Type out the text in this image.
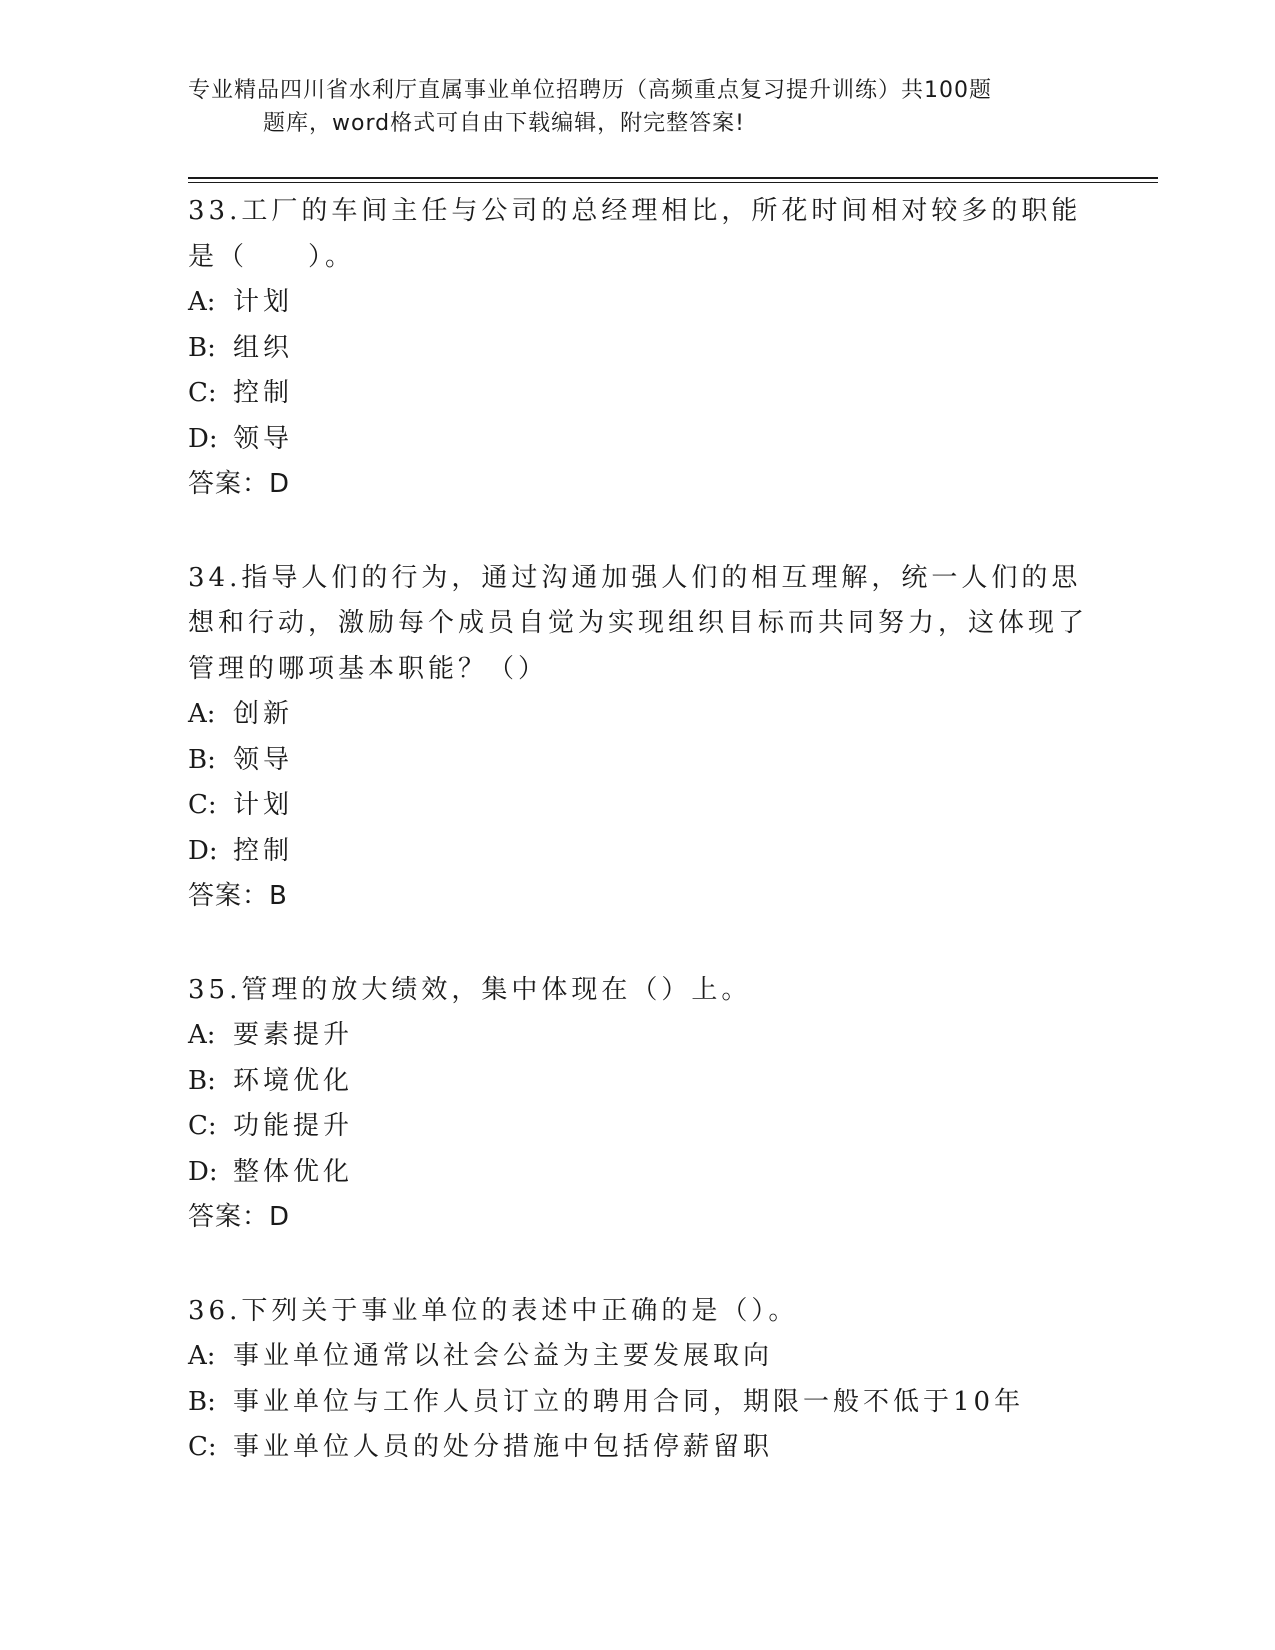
专业精品四川省水利厅直属事业单位招聘历（高频重点复习提升训练）共100题
题库，word格式可自由下载编辑，附完整答案!
33.工厂的车间主任与公司的总经理相比，所花时间相对较多的职能是（　　）。
A: 计划
B: 组织
C: 控制
D: 领导
答案：D
34.指导人们的行为，通过沟通加强人们的相互理解，统一人们的思想和行动，激励每个成员自觉为实现组织目标而共同努力，这体现了管理的哪项基本职能？（）
A: 创新
B: 领导
C: 计划
D: 控制
答案：B
35.管理的放大绩效，集中体现在（）上。
A: 要素提升
B: 环境优化
C: 功能提升
D: 整体优化
答案：D
36.下列关于事业单位的表述中正确的是（）。
A: 事业单位通常以社会公益为主要发展取向
B: 事业单位与工作人员订立的聘用合同，期限一般不低于10年
C: 事业单位人员的处分措施中包括停薪留职
